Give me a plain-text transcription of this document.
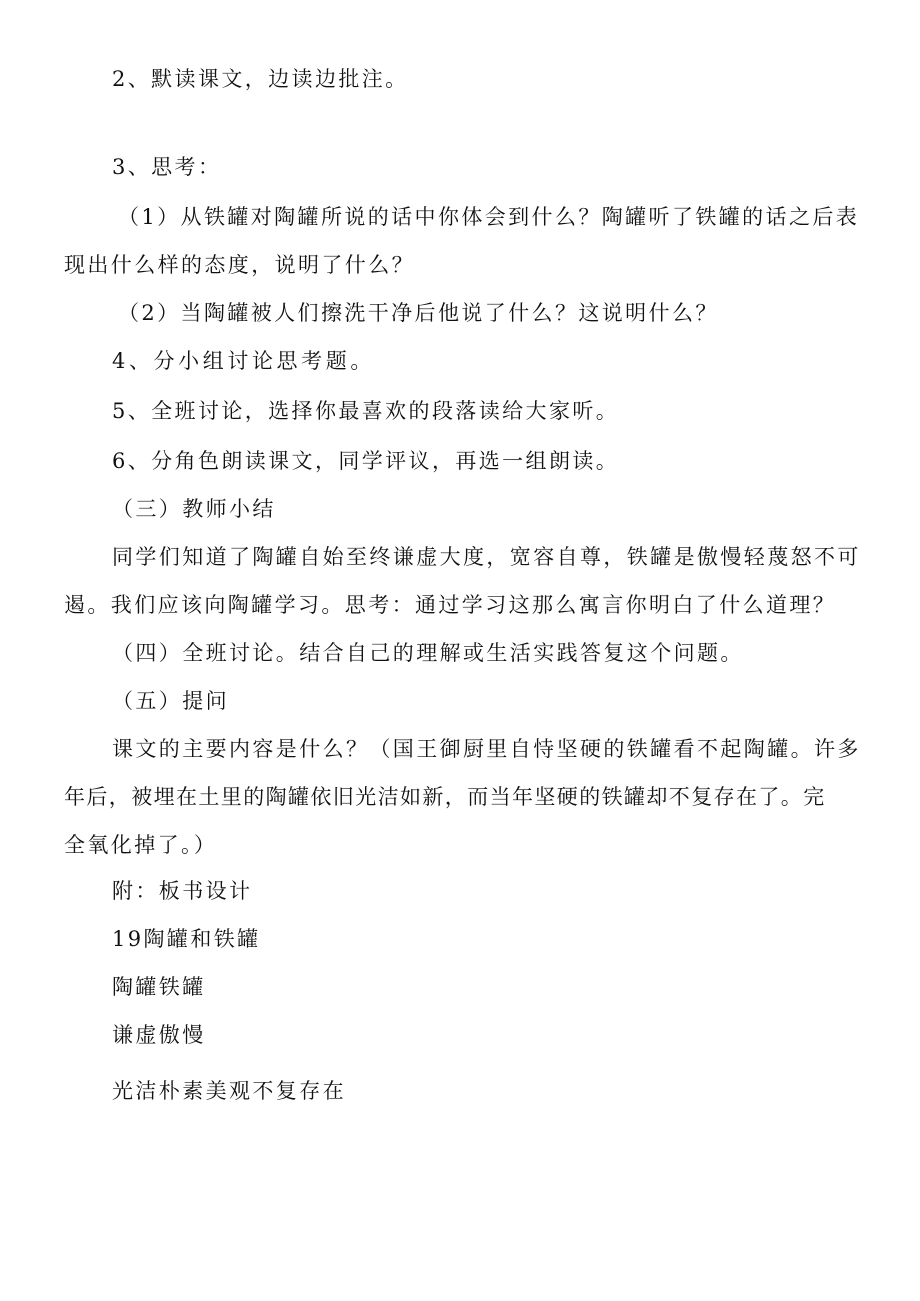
2、默读课文，边读边批注。
3、思考：
（1）从铁罐对陶罐所说的话中你体会到什么？陶罐听了铁罐的话之后表
现出什么样的态度，说明了什么？
（2）当陶罐被人们擦洗干净后他说了什么？这说明什么？
4、分小组讨论思考题。
5、全班讨论，选择你最喜欢的段落读给大家听。
6、分角色朗读课文，同学评议，再选一组朗读。
（三）教师小结
同学们知道了陶罐自始至终谦虚大度，宽容自尊，铁罐是傲慢轻蔑怒不可
遏。我们应该向陶罐学习。思考：通过学习这那么寓言你明白了什么道理？
（四）全班讨论。结合自己的理解或生活实践答复这个问题。
（五）提问
课文的主要内容是什么？（国王御厨里自恃坚硬的铁罐看不起陶罐。许多
年后，被埋在土里的陶罐依旧光洁如新，而当年坚硬的铁罐却不复存在了。完
全氧化掉了。）
附：板书设计
19陶罐和铁罐
陶罐铁罐
谦虚傲慢
光洁朴素美观不复存在
